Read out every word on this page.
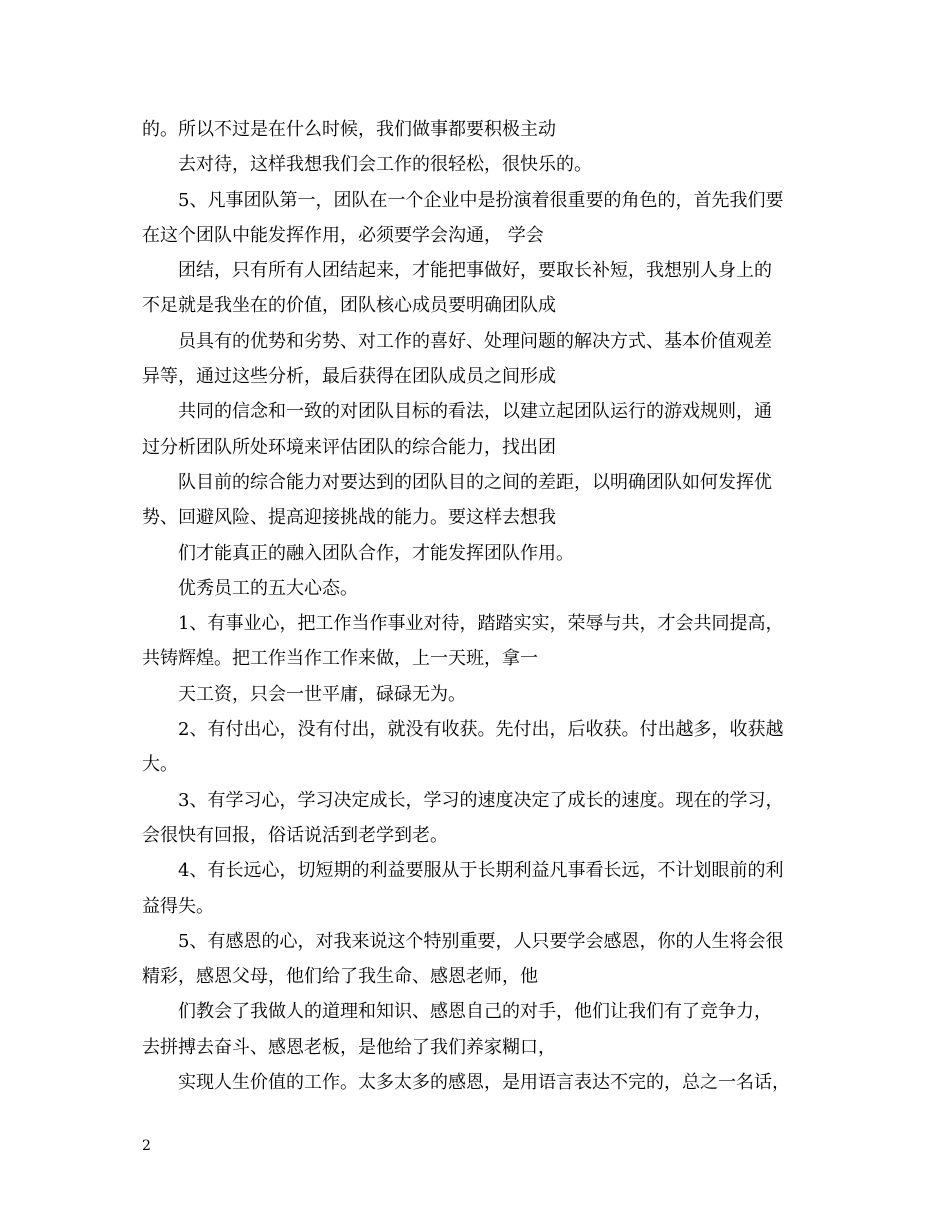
的。所以不过是在什么时候，我们做事都要积极主动
去对待，这样我想我们会工作的很轻松，很快乐的。
5、凡事团队第一，团队在一个企业中是扮演着很重要的角色的，首先我们要
在这个团队中能发挥作用，必须要学会沟通， 学会
团结，只有所有人团结起来，才能把事做好，要取长补短，我想别人身上的
不足就是我坐在的价值，团队核心成员要明确团队成
员具有的优势和劣势、对工作的喜好、处理问题的解决方式、基本价值观差
异等，通过这些分析，最后获得在团队成员之间形成
共同的信念和一致的对团队目标的看法，以建立起团队运行的游戏规则，通
过分析团队所处环境来评估团队的综合能力，找出团
队目前的综合能力对要达到的团队目的之间的差距，以明确团队如何发挥优
势、回避风险、提高迎接挑战的能力。要这样去想我
们才能真正的融入团队合作，才能发挥团队作用。
优秀员工的五大心态。
1、有事业心，把工作当作事业对待，踏踏实实，荣辱与共，才会共同提高，
共铸辉煌。把工作当作工作来做，上一天班，拿一
天工资，只会一世平庸，碌碌无为。
2、有付出心，没有付出，就没有收获。先付出，后收获。付出越多，收获越
大。
3、有学习心，学习决定成长，学习的速度决定了成长的速度。现在的学习，
会很快有回报，俗话说活到老学到老。
4、有长远心，切短期的利益要服从于长期利益凡事看长远，不计划眼前的利
益得失。
5、有感恩的心，对我来说这个特别重要，人只要学会感恩，你的人生将会很
精彩，感恩父母，他们给了我生命、感恩老师，他
们教会了我做人的道理和知识、感恩自己的对手，他们让我们有了竞争力，
去拼搏去奋斗、感恩老板，是他给了我们养家糊口，
实现人生价值的工作。太多太多的感恩，是用语言表达不完的，总之一名话，
2
